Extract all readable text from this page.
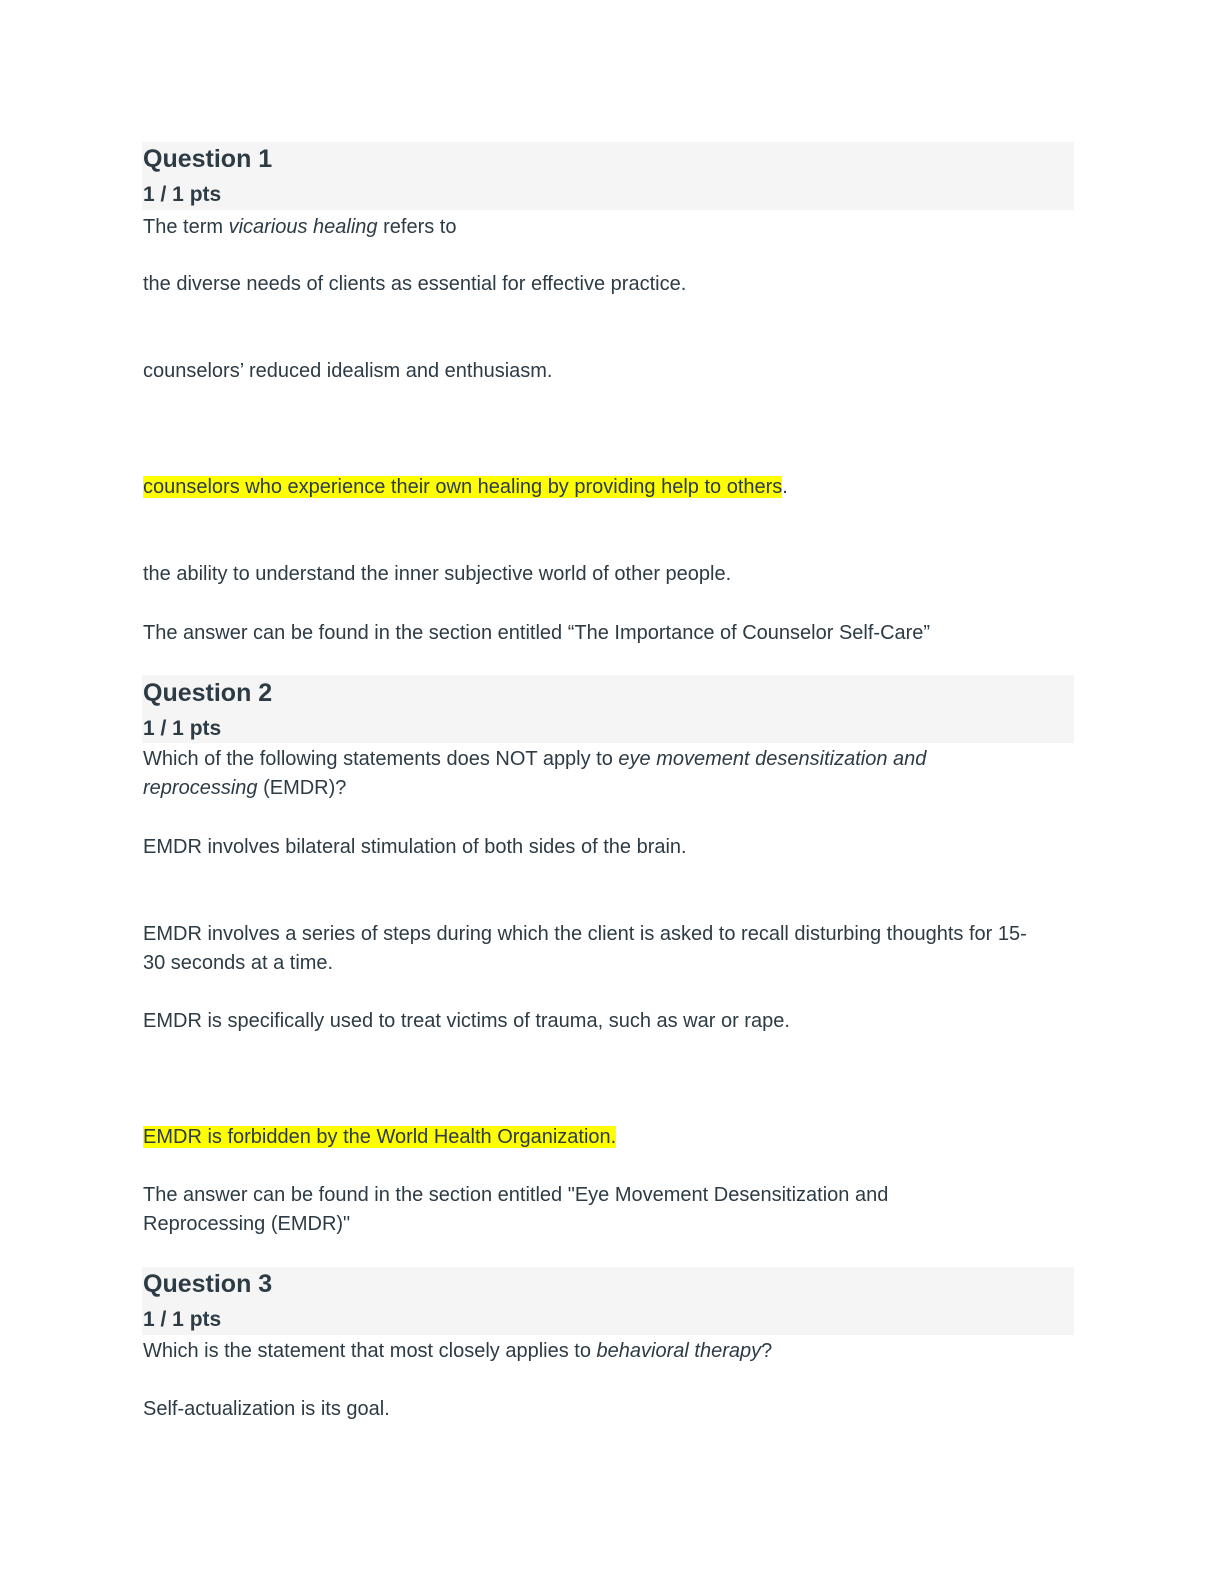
Question 1
1 / 1 pts
The term vicarious healing refers to
the diverse needs of clients as essential for effective practice.
counselors’ reduced idealism and enthusiasm.
counselors who experience their own healing by providing help to others.
the ability to understand the inner subjective world of other people.
The answer can be found in the section entitled “The Importance of Counselor Self-Care”
Question 2
1 / 1 pts
Which of the following statements does NOT apply to eye movement desensitization and reprocessing (EMDR)?
EMDR involves bilateral stimulation of both sides of the brain.
EMDR involves a series of steps during which the client is asked to recall disturbing thoughts for 15-30 seconds at a time.
EMDR is specifically used to treat victims of trauma, such as war or rape.
EMDR is forbidden by the World Health Organization.
The answer can be found in the section entitled "Eye Movement Desensitization and Reprocessing (EMDR)"
Question 3
1 / 1 pts
Which is the statement that most closely applies to behavioral therapy?
Self-actualization is its goal.
